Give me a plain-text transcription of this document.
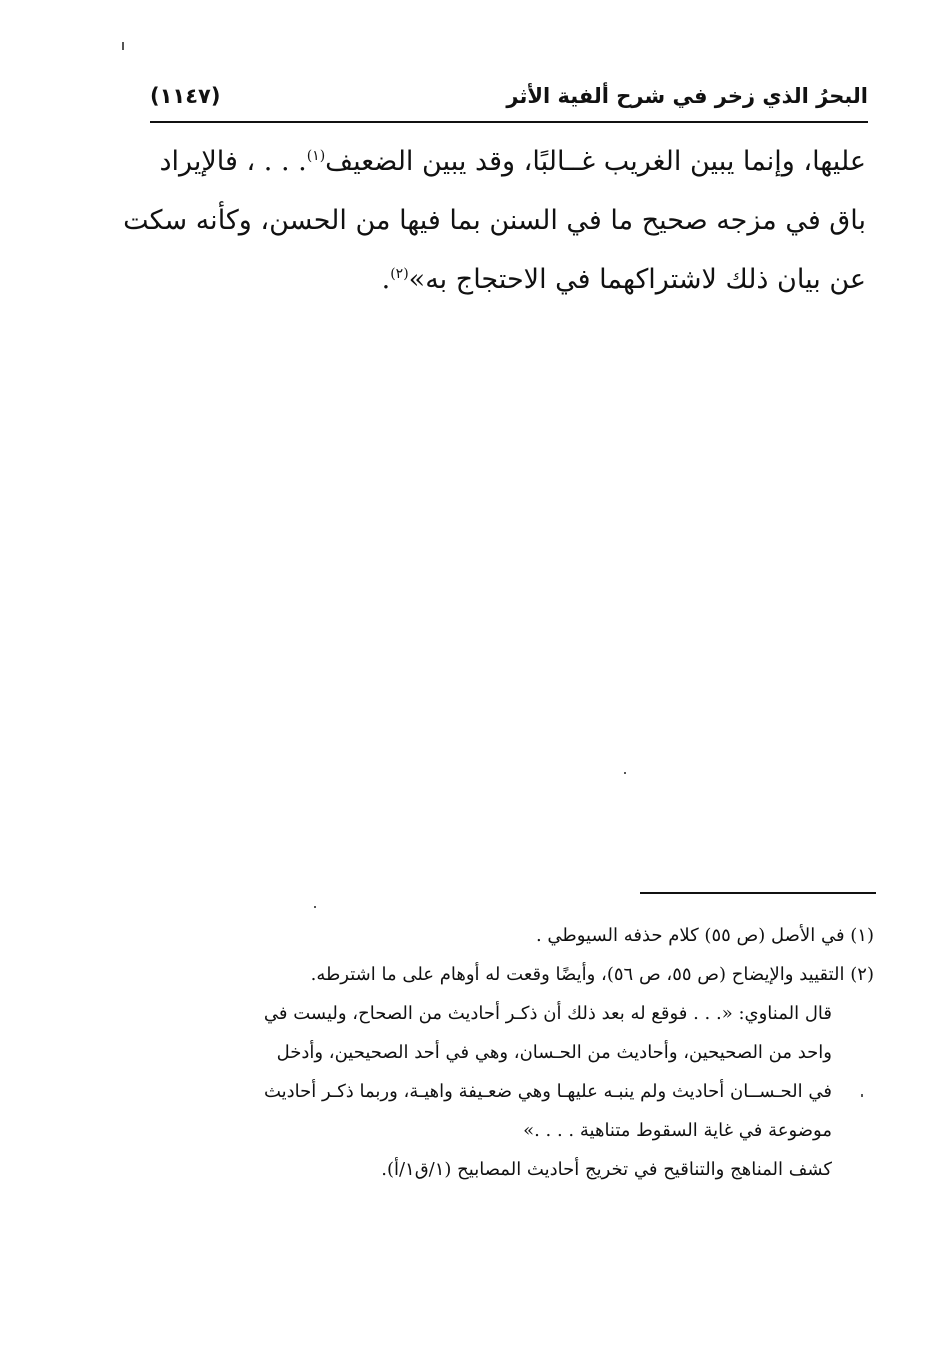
البحرُ الذي زخر في شرح ألفية الأثر
(١١٤٧)
عليها، وإنما يبين الغريب غــالبًا، وقد يبين الضعيف$^{(١)}$. . . ، فالإيراد
باق في مزجه صحيح ما في السنن بما فيها من الحسن، وكأنه سكت
عن بيان ذلك لاشتراكهما في الاحتجاج به»$^{(٢)}$.
(١) في الأصل (ص ٥٥) كلام حذفه السيوطي .
(٢) التقييد والإيضاح (ص ٥٥، ص ٥٦)، وأيضًا وقعت له أوهام على ما اشترطه.
قال المناوي: «. . . فوقع له بعد ذلك أن ذكـر أحاديث من الصحاح، وليست في
واحد من الصحيحين، وأحاديث من الحـسان، وهي في أحد الصحيحين، وأدخل
في الحـســان أحاديث ولم ينبـه عليهـا وهي ضعـيفة واهيـة، وربما ذكـر أحاديث
موضوعة في غاية السقوط متناهية . . . .»
كشف المناهج والتناقيح في تخريج أحاديث المصابيح (١/ق١/أ).
